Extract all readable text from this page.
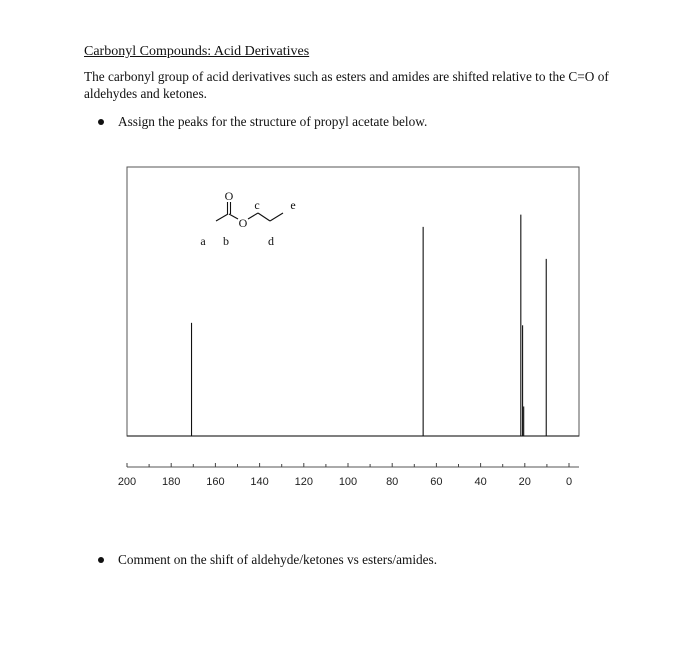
Carbonyl Compounds: Acid Derivatives
The carbonyl group of acid derivatives such as esters and amides are shifted relative to the C=O of aldehydes and ketones.
Assign the peaks for the structure of propyl acetate below.
200 180 160 140 120 100	80	60	40	20	0
O
O
a b
c
d
e
Comment on the shift of aldehyde/ketones vs esters/amides.
